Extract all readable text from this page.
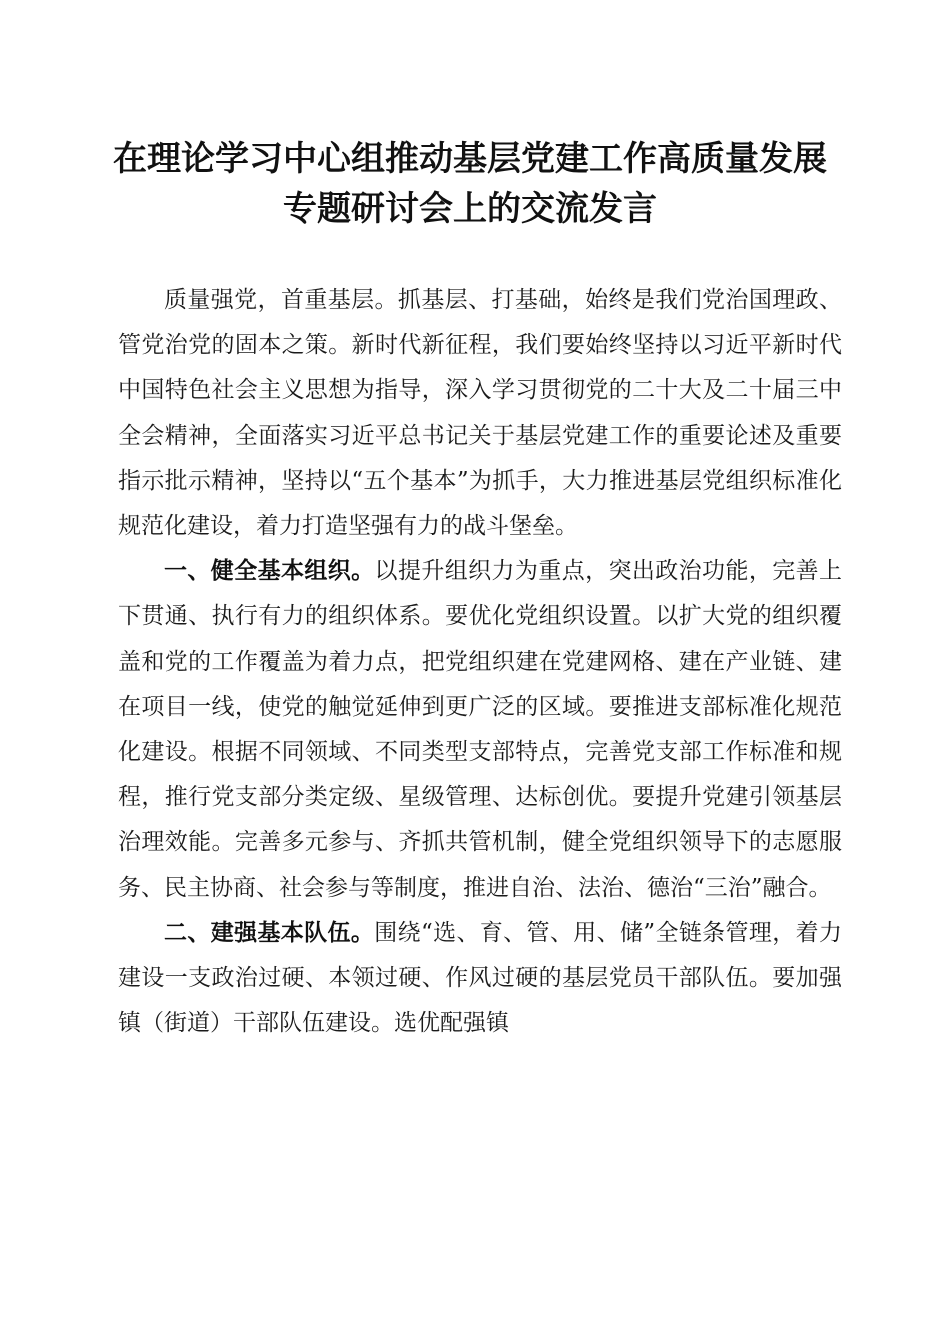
在理论学习中心组推动基层党建工作高质量发展专题研讨会上的交流发言

质量强党，首重基层。抓基层、打基础，始终是我们党治国理政、管党治党的固本之策。新时代新征程，我们要始终坚持以习近平新时代中国特色社会主义思想为指导，深入学习贯彻党的二十大及二十届三中全会精神，全面落实习近平总书记关于基层党建工作的重要论述及重要指示批示精神，坚持以“五个基本”为抓手，大力推进基层党组织标准化规范化建设，着力打造坚强有力的战斗堡垒。

一、健全基本组织。以提升组织力为重点，突出政治功能，完善上下贯通、执行有力的组织体系。要优化党组织设置。以扩大党的组织覆盖和党的工作覆盖为着力点，把党组织建在党建网格、建在产业链、建在项目一线，使党的触觉延伸到更广泛的区域。要推进支部标准化规范化建设。根据不同领域、不同类型支部特点，完善党支部工作标准和规程，推行党支部分类定级、星级管理、达标创优。要提升党建引领基层治理效能。完善多元参与、齐抓共管机制，健全党组织领导下的志愿服务、民主协商、社会参与等制度，推进自治、法治、德治“三治”融合。

二、建强基本队伍。围绕“选、育、管、用、储”全链条管理，着力建设一支政治过硬、本领过硬、作风过硬的基层党员干部队伍。要加强镇（街道）干部队伍建设。选优配强镇
